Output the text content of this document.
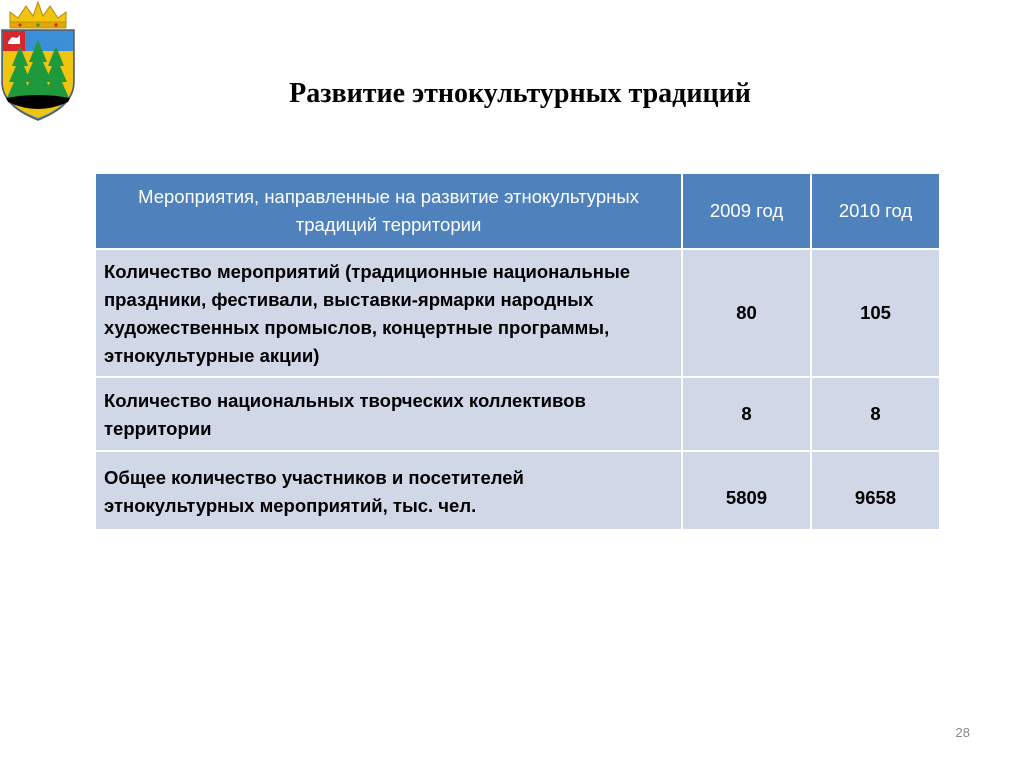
Развитие этнокультурных традиций
Мероприятия, направленные на развитие этнокультурных традиций территории	2009 год	2010 год
Количество мероприятий (традиционные национальные праздники, фестивали, выставки-ярмарки народных художественных промыслов, концертные программы, этнокультурные акции)	80	105
Количество национальных творческих коллективов территории	8	8
Общее количество участников и посетителей этнокультурных мероприятий, тыс. чел.	5809	9658
28
